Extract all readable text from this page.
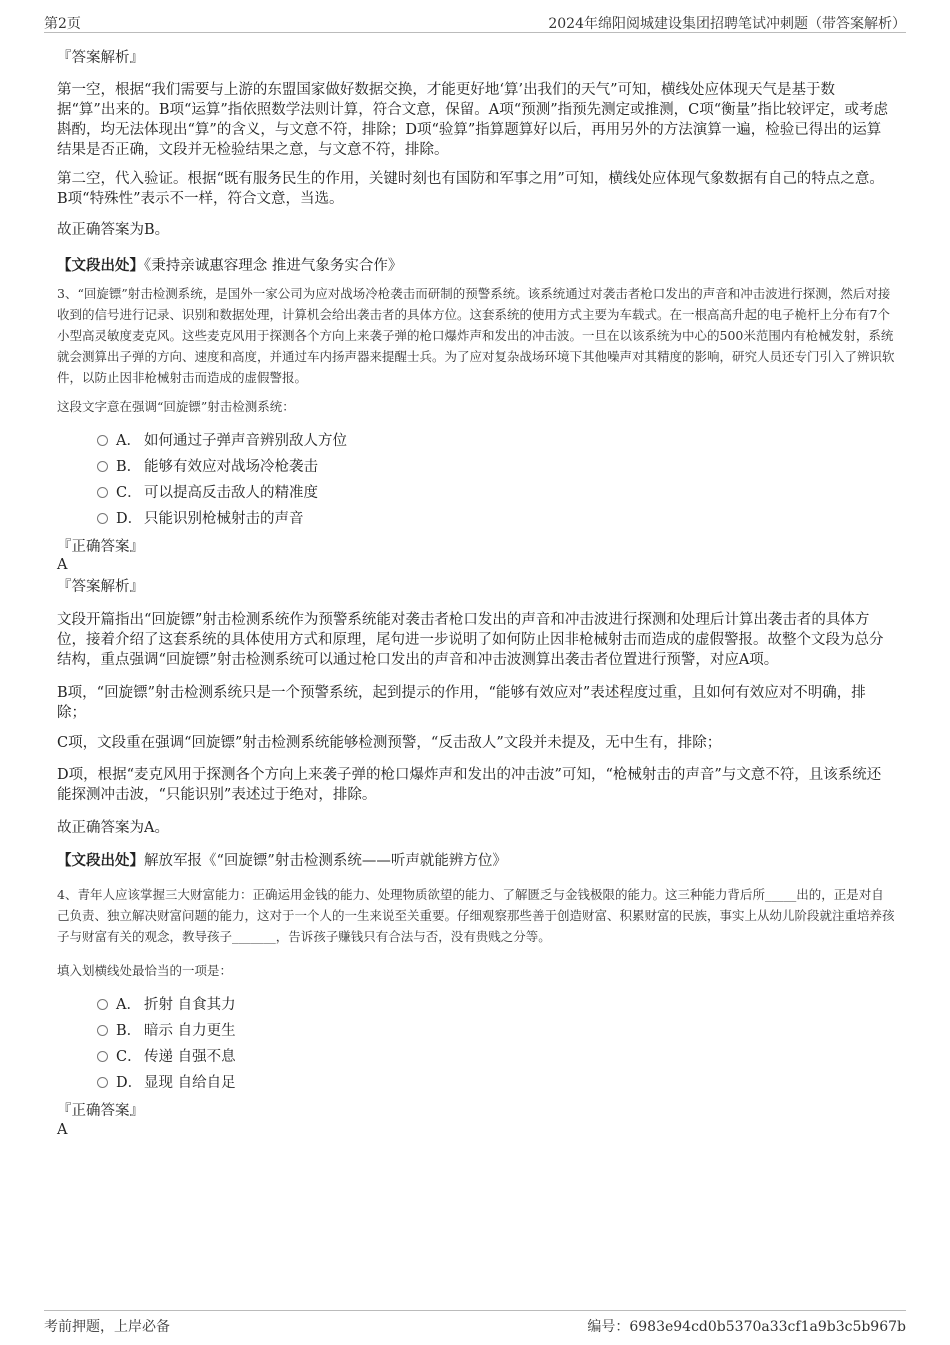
第2页	2024年绵阳阅城建设集团招聘笔试冲刺题（带答案解析）
『答案解析』
第一空，根据“我们需要与上游的东盟国家做好数据交换，才能更好地‘算’出我们的天气”可知，横线处应体现天气是基于数据“算”出来的。B项“运算”指依照数学法则计算，符合文意，保留。A项“预测”指预先测定或推测，C项“衡量”指比较评定，或考虑斟酌，均无法体现出“算”的含义，与文意不符，排除；D项“验算”指算题算好以后，再用另外的方法演算一遍，检验已得出的运算结果是否正确，文段并无检验结果之意，与文意不符，排除。
第二空，代入验证。根据“既有服务民生的作用，关键时刻也有国防和军事之用”可知，横线处应体现气象数据有自己的特点之意。B项“特殊性”表示不一样，符合文意，当选。
故正确答案为B。
【文段出处】《秉持亲诚惠容理念 推进气象务实合作》
3、“回旋镖”射击检测系统，是国外一家公司为应对战场冷枪袭击而研制的预警系统。该系统通过对袭击者枪口发出的声音和冲击波进行探测，然后对接收到的信号进行记录、识别和数据处理，计算机会给出袭击者的具体方位。这套系统的使用方式主要为车载式。在一根高高升起的电子桅杆上分布有7个小型高灵敏度麦克风。这些麦克风用于探测各个方向上来袭子弹的枪口爆炸声和发出的冲击波。一旦在以该系统为中心的500米范围内有枪械发射，系统就会测算出子弹的方向、速度和高度，并通过车内扬声器来提醒士兵。为了应对复杂战场环境下其他噪声对其精度的影响，研究人员还专门引入了辨识软件，以防止因非枪械射击而造成的虚假警报。
这段文字意在强调“回旋镖”射击检测系统：
A． 如何通过子弹声音辨别敌人方位
B． 能够有效应对战场冷枪袭击
C． 可以提高反击敌人的精准度
D． 只能识别枪械射击的声音
『正确答案』
A
『答案解析』
文段开篇指出“回旋镖”射击检测系统作为预警系统能对袭击者枪口发出的声音和冲击波进行探测和处理后计算出袭击者的具体方位，接着介绍了这套系统的具体使用方式和原理，尾句进一步说明了如何防止因非枪械射击而造成的虚假警报。故整个文段为总分结构，重点强调“回旋镖”射击检测系统可以通过枪口发出的声音和冲击波测算出袭击者位置进行预警，对应A项。
B项，“回旋镖”射击检测系统只是一个预警系统，起到提示的作用，“能够有效应对”表述程度过重，且如何有效应对不明确，排除；
C项，文段重在强调“回旋镖”射击检测系统能够检测预警，“反击敌人”文段并未提及，无中生有，排除；
D项，根据“麦克风用于探测各个方向上来袭子弹的枪口爆炸声和发出的冲击波”可知，“枪械射击的声音”与文意不符，且该系统还能探测冲击波，“只能识别”表述过于绝对，排除。
故正确答案为A。
【文段出处】解放军报《“回旋镖”射击检测系统——听声就能辨方位》
4、青年人应该掌握三大财富能力：正确运用金钱的能力、处理物质欲望的能力、了解匮乏与金钱极限的能力。这三种能力背后所_____出的，正是对自己负责、独立解决财富问题的能力，这对于一个人的一生来说至关重要。仔细观察那些善于创造财富、积累财富的民族，事实上从幼儿阶段就注重培养孩子与财富有关的观念，教导孩子_______，告诉孩子赚钱只有合法与否，没有贵贱之分等。
填入划横线处最恰当的一项是：
A． 折射 自食其力
B． 暗示 自力更生
C． 传递 自强不息
D． 显现 自给自足
『正确答案』
A
考前押题，上岸必备	编号：6983e94cd0b5370a33cf1a9b3c5b967b
